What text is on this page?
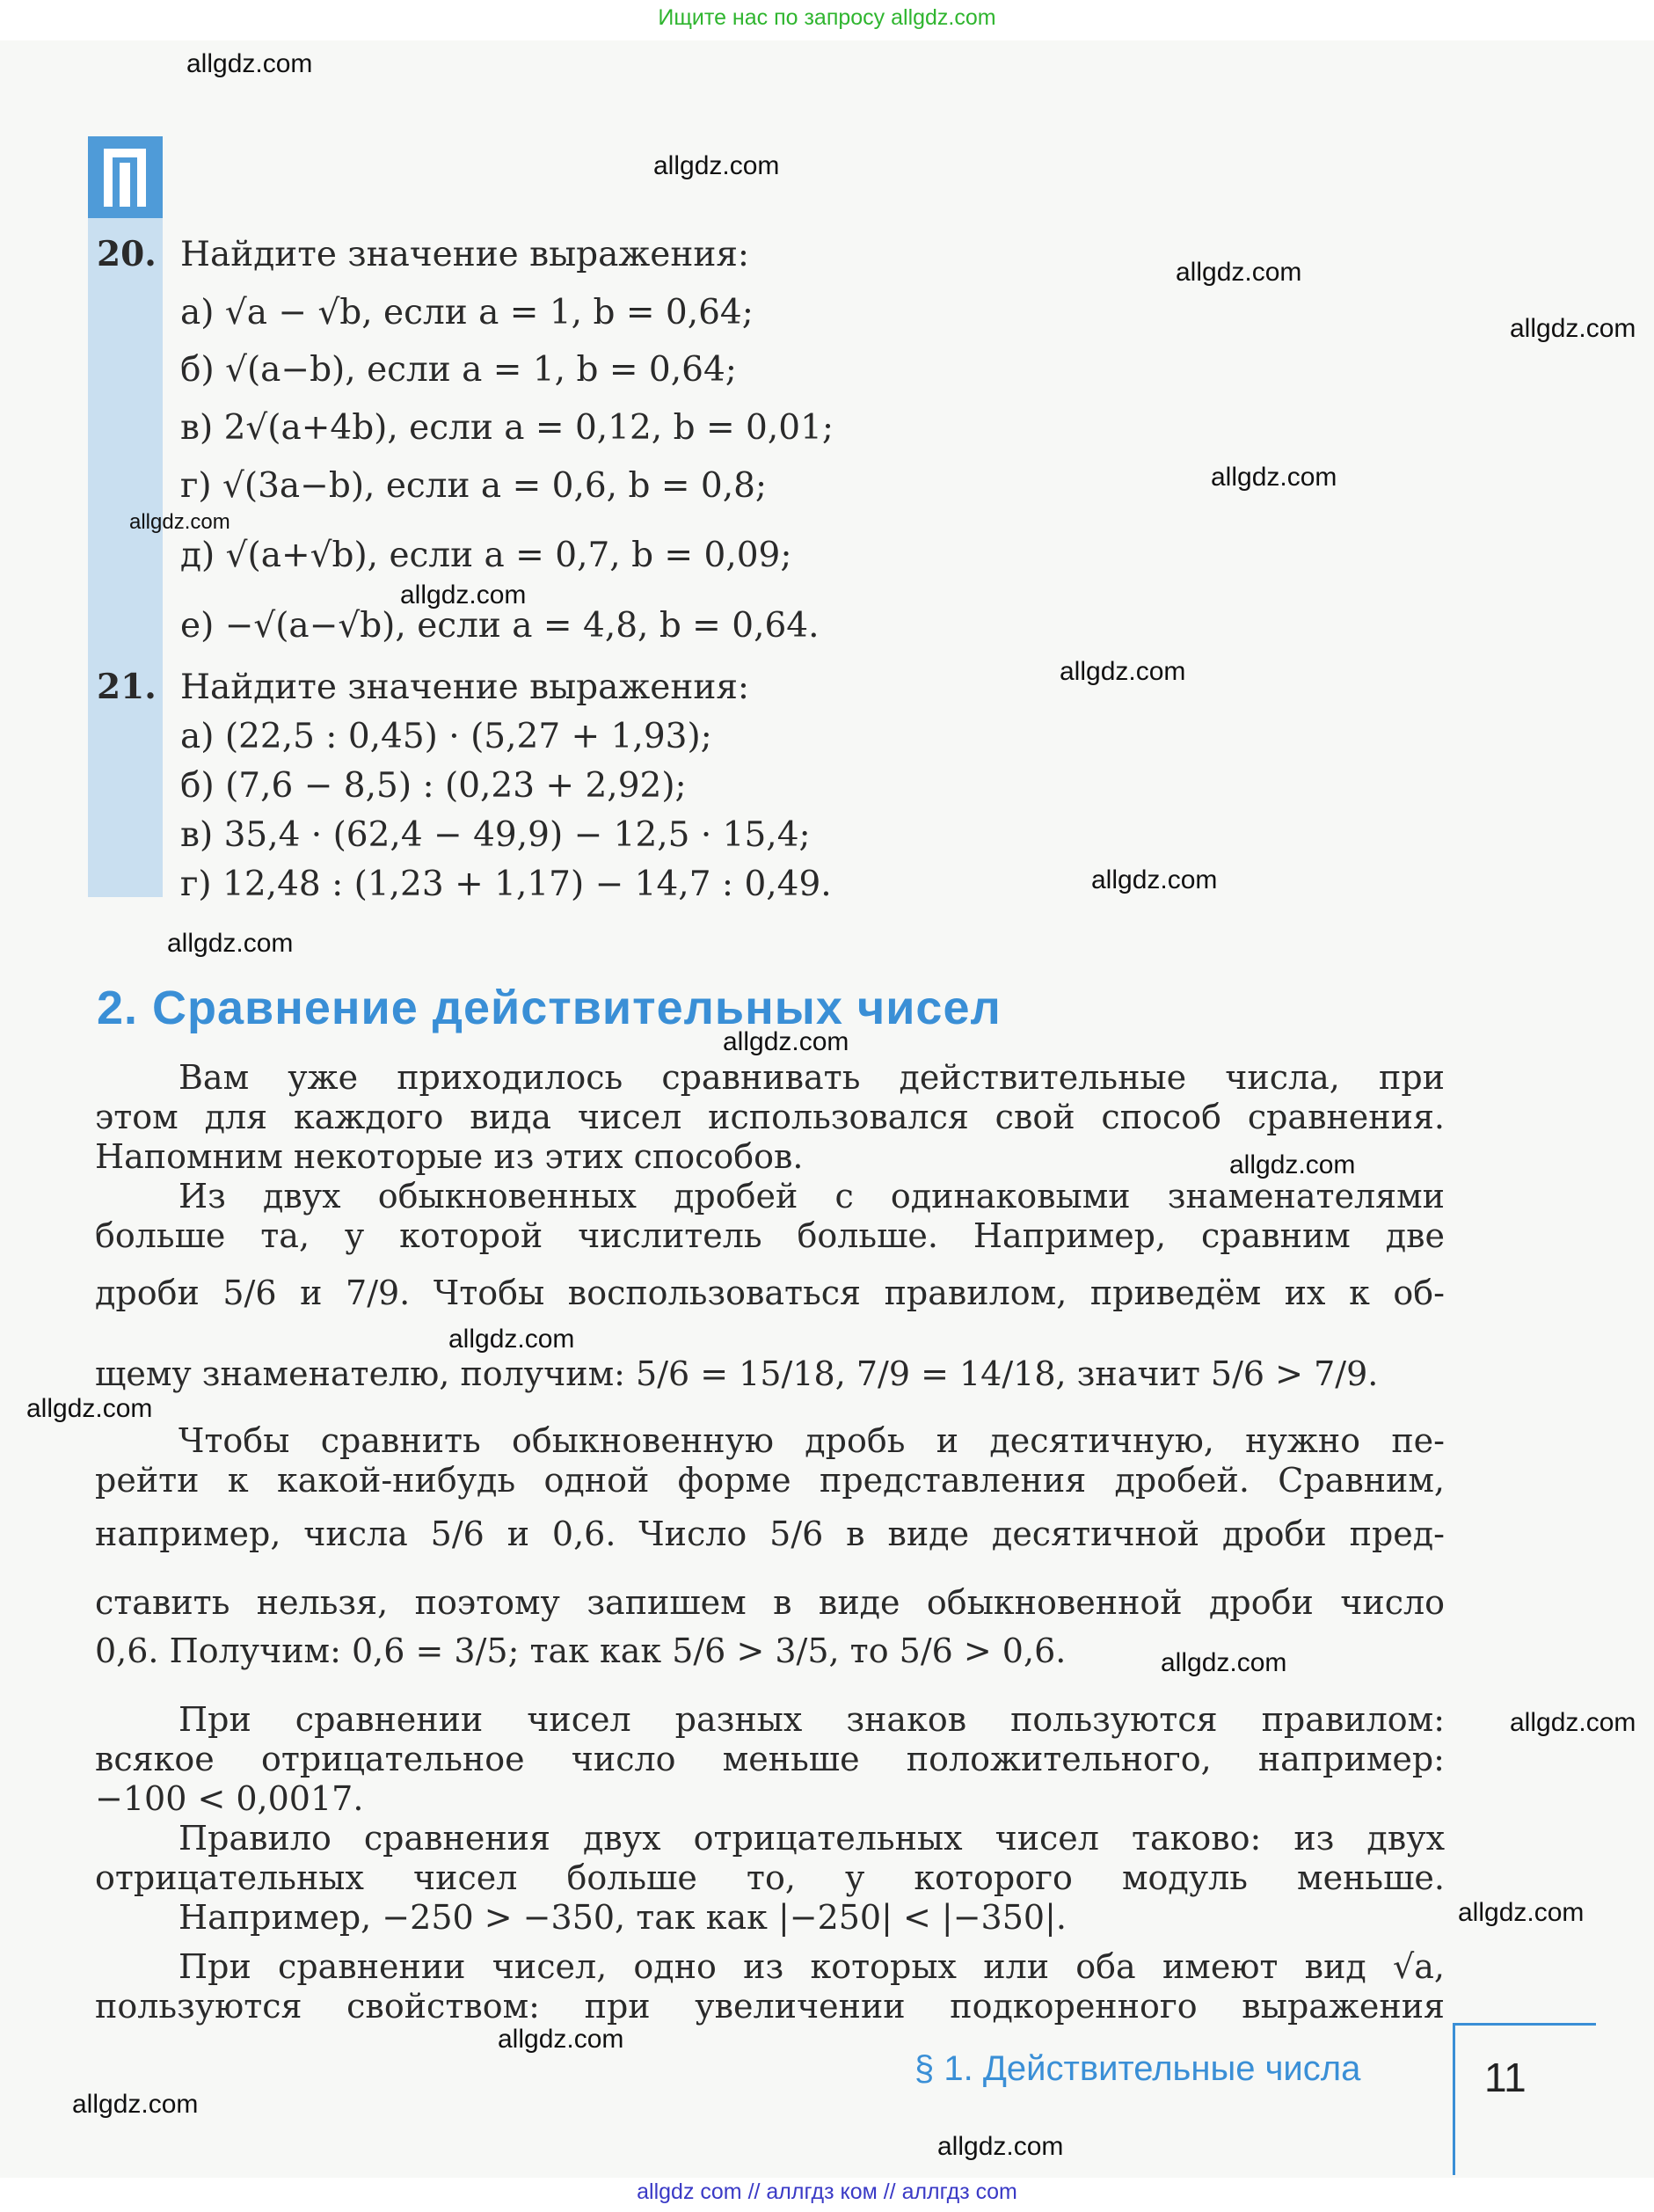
Ищите нас по запросу allgdz.com
20. Найдите значение выражения:
а) √a − √b, если a = 1, b = 0,64;
б) √(a−b), если a = 1, b = 0,64;
в) 2√(a+4b), если a = 0,12, b = 0,01;
г) √(3a−b), если a = 0,6, b = 0,8;
д) √(a+√b), если a = 0,7, b = 0,09;
е) −√(a−√b), если a = 4,8, b = 0,64.
21. Найдите значение выражения:
а) (22,5 : 0,45) · (5,27 + 1,93);
б) (7,6 − 8,5) : (0,23 + 2,92);
в) 35,4 · (62,4 − 49,9) − 12,5 · 15,4;
г) 12,48 : (1,23 + 1,17) − 14,7 : 0,49.
2. Сравнение действительных чисел
Вам уже приходилось сравнивать действительные числа, при
этом для каждого вида чисел использовался свой способ сравнения.
Напомним некоторые из этих способов.
Из двух обыкновенных дробей с одинаковыми знаменателями
больше та, у которой числитель больше. Например, сравним две
дроби 5/6 и 7/9. Чтобы воспользоваться правилом, приведём их к об-
щему знаменателю, получим: 5/6 = 15/18, 7/9 = 14/18, значит 5/6 > 7/9.
Чтобы сравнить обыкновенную дробь и десятичную, нужно пе-
рейти к какой-нибудь одной форме представления дробей. Сравним,
например, числа 5/6 и 0,6. Число 5/6 в виде десятичной дроби пред-
ставить нельзя, поэтому запишем в виде обыкновенной дроби число
0,6. Получим: 0,6 = 3/5; так как 5/6 > 3/5, то 5/6 > 0,6.
При сравнении чисел разных знаков пользуются правилом:
всякое отрицательное число меньше положительного, например:
−100 < 0,0017.
Правило сравнения двух отрицательных чисел таково: из двух
отрицательных чисел больше то, у которого модуль меньше.
Например, −250 > −350, так как |−250| < |−350|.
При сравнении чисел, одно из которых или оба имеют вид √a,
пользуются свойством: при увеличении подкоренного выражения
§ 1. Действительные числа	11
allgdz.com
allgdz.com
allgdz.com
allgdz.com
allgdz.com
allgdz.com
allgdz.com
allgdz.com
allgdz.com
allgdz.com
allgdz.com
allgdz.com
allgdz.com
allgdz.com
allgdz.com
allgdz.com
allgdz.com
allgdz.com
allgdz.com
allgdz.com
allgdz com // аллгдз ком // аллгдз com
